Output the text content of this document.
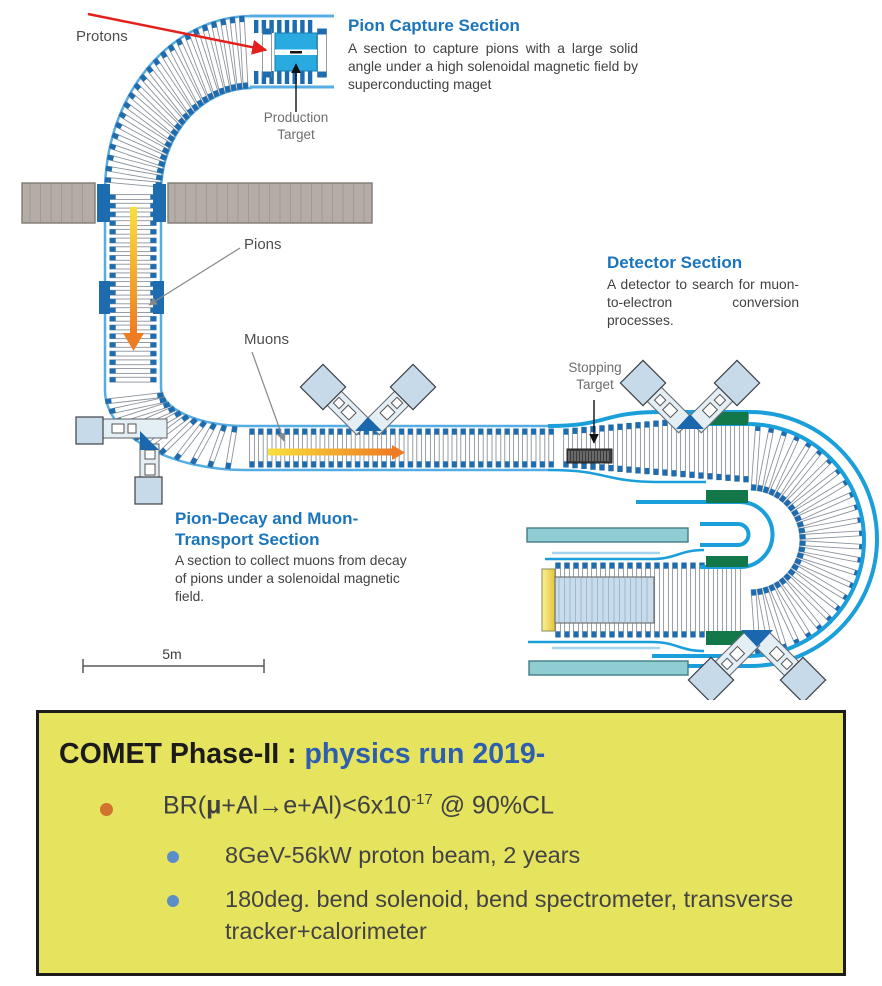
Protons
Pions
Muons
Production Target
Stopping Target
Pion Capture Section
A section to capture pions with a large solid angle under a high solenoidal magnetic field by superconducting maget
Detector Section
A detector to search for muon-to-electron conversion processes.
Pion-Decay and Muon-Transport Section
A section to collect muons from decay of pions under a solenoidal magnetic field.
5m
COMET Phase-II : physics run 2019-
$BR(\mu+Al\to e+Al)<6x10^{-17}$ @ 90%CL
8GeV-56kW proton beam, 2 years
180deg. bend solenoid, bend spectrometer, transverse tracker+calorimeter
